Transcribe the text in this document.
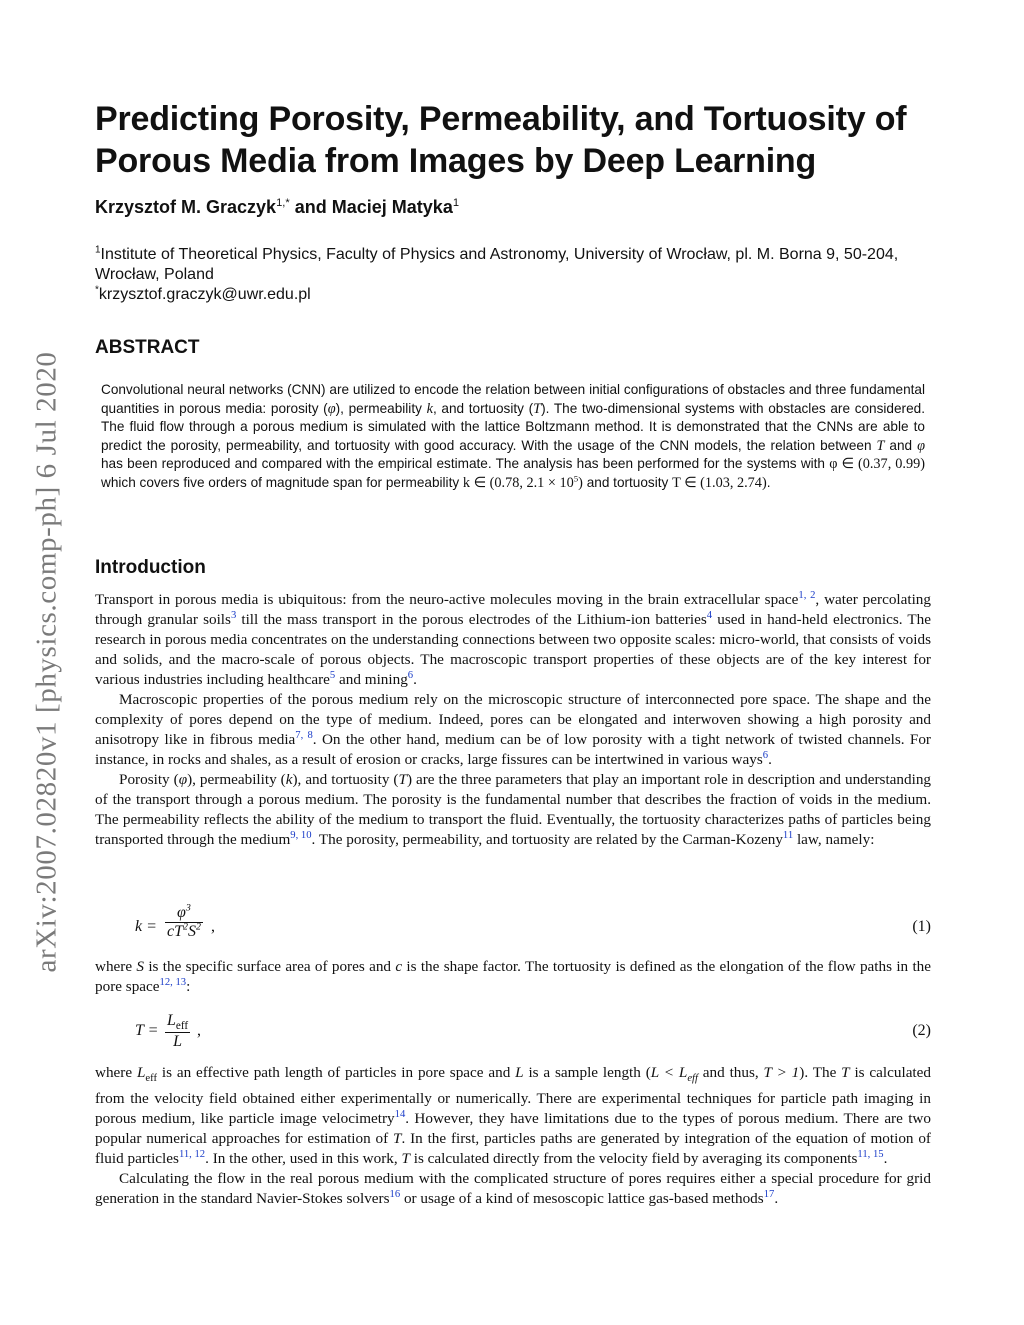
arXiv:2007.02820v1 [physics.comp-ph] 6 Jul 2020
Predicting Porosity, Permeability, and Tortuosity of
Porous Media from Images by Deep Learning
Krzysztof M. Graczyk$^{1,*}$ and Maciej Matyka$^1$
$^1$Institute of Theoretical Physics, Faculty of Physics and Astronomy, University of Wrocław, pl. M. Borna 9, 50-204, Wrocław, Poland
*krzysztof.graczyk@uwr.edu.pl
ABSTRACT
Convolutional neural networks (CNN) are utilized to encode the relation between initial configurations of obstacles and three fundamental quantities in porous media: porosity (φ), permeability k, and tortuosity (T). The two-dimensional systems with obstacles are considered. The fluid flow through a porous medium is simulated with the lattice Boltzmann method. It is demonstrated that the CNNs are able to predict the porosity, permeability, and tortuosity with good accuracy. With the usage of the CNN models, the relation between T and φ has been reproduced and compared with the empirical estimate. The analysis has been performed for the systems with φ ∈ (0.37, 0.99) which covers five orders of magnitude span for permeability k ∈ (0.78, $2.1 \times 10^5$) and tortuosity T ∈ (1.03, 2.74).
Introduction

Transport in porous media is ubiquitous: from the neuro-active molecules moving in the brain extracellular space$^{1, 2}$, water percolating through granular soils$^3$ till the mass transport in the porous electrodes of the Lithium-ion batteries$^4$ used in hand-held electronics. The research in porous media concentrates on the understanding connections between two opposite scales: micro-world, that consists of voids and solids, and the macro-scale of porous objects. The macroscopic transport properties of these objects are of the key interest for various industries including healthcare$^5$ and mining$^6$.

Macroscopic properties of the porous medium rely on the microscopic structure of interconnected pore space. The shape and the complexity of pores depend on the type of medium. Indeed, pores can be elongated and interwoven showing a high porosity and anisotropy like in fibrous media$^{7, 8}$. On the other hand, medium can be of low porosity with a tight network of twisted channels. For instance, in rocks and shales, as a result of erosion or cracks, large fissures can be intertwined in various ways$^6$.

Porosity (φ), permeability (k), and tortuosity (T) are the three parameters that play an important role in description and understanding of the transport through a porous medium. The porosity is the fundamental number that describes the fraction of voids in the medium. The permeability reflects the ability of the medium to transport the fluid. Eventually, the tortuosity characterizes paths of particles being transported through the medium$^{9, 10}$. The porosity, permeability, and tortuosity are related by the Carman-Kozeny$^{11}$ law, namely:

$k = \frac{\varphi^3}{cT^2S^2}$ ,	(1)

where S is the specific surface area of pores and c is the shape factor. The tortuosity is defined as the elongation of the flow paths in the pore space$^{12, 13}$:

T =
$L_{eff}$
L
,	(2)

where $L_{eff}$ is an effective path length of particles in pore space and L is a sample length ($L < L_{eff}$ and thus, T > 1). The T is calculated from the velocity field obtained either experimentally or numerically. There are experimental techniques for particle path imaging in porous medium, like particle image velocimetry$^{14}$. However, they have limitations due to the types of porous medium. There are two popular numerical approaches for estimation of T. In the first, particles paths are generated by integration of the equation of motion of fluid particles$^{11, 12}$. In the other, used in this work, T is calculated directly from the velocity field by averaging its components$^{11, 15}$.

Calculating the flow in the real porous medium with the complicated structure of pores requires either a special procedure for grid generation in the standard Navier-Stokes solvers$^{16}$ or usage of a kind of mesoscopic lattice gas-based methods$^{17}$.
